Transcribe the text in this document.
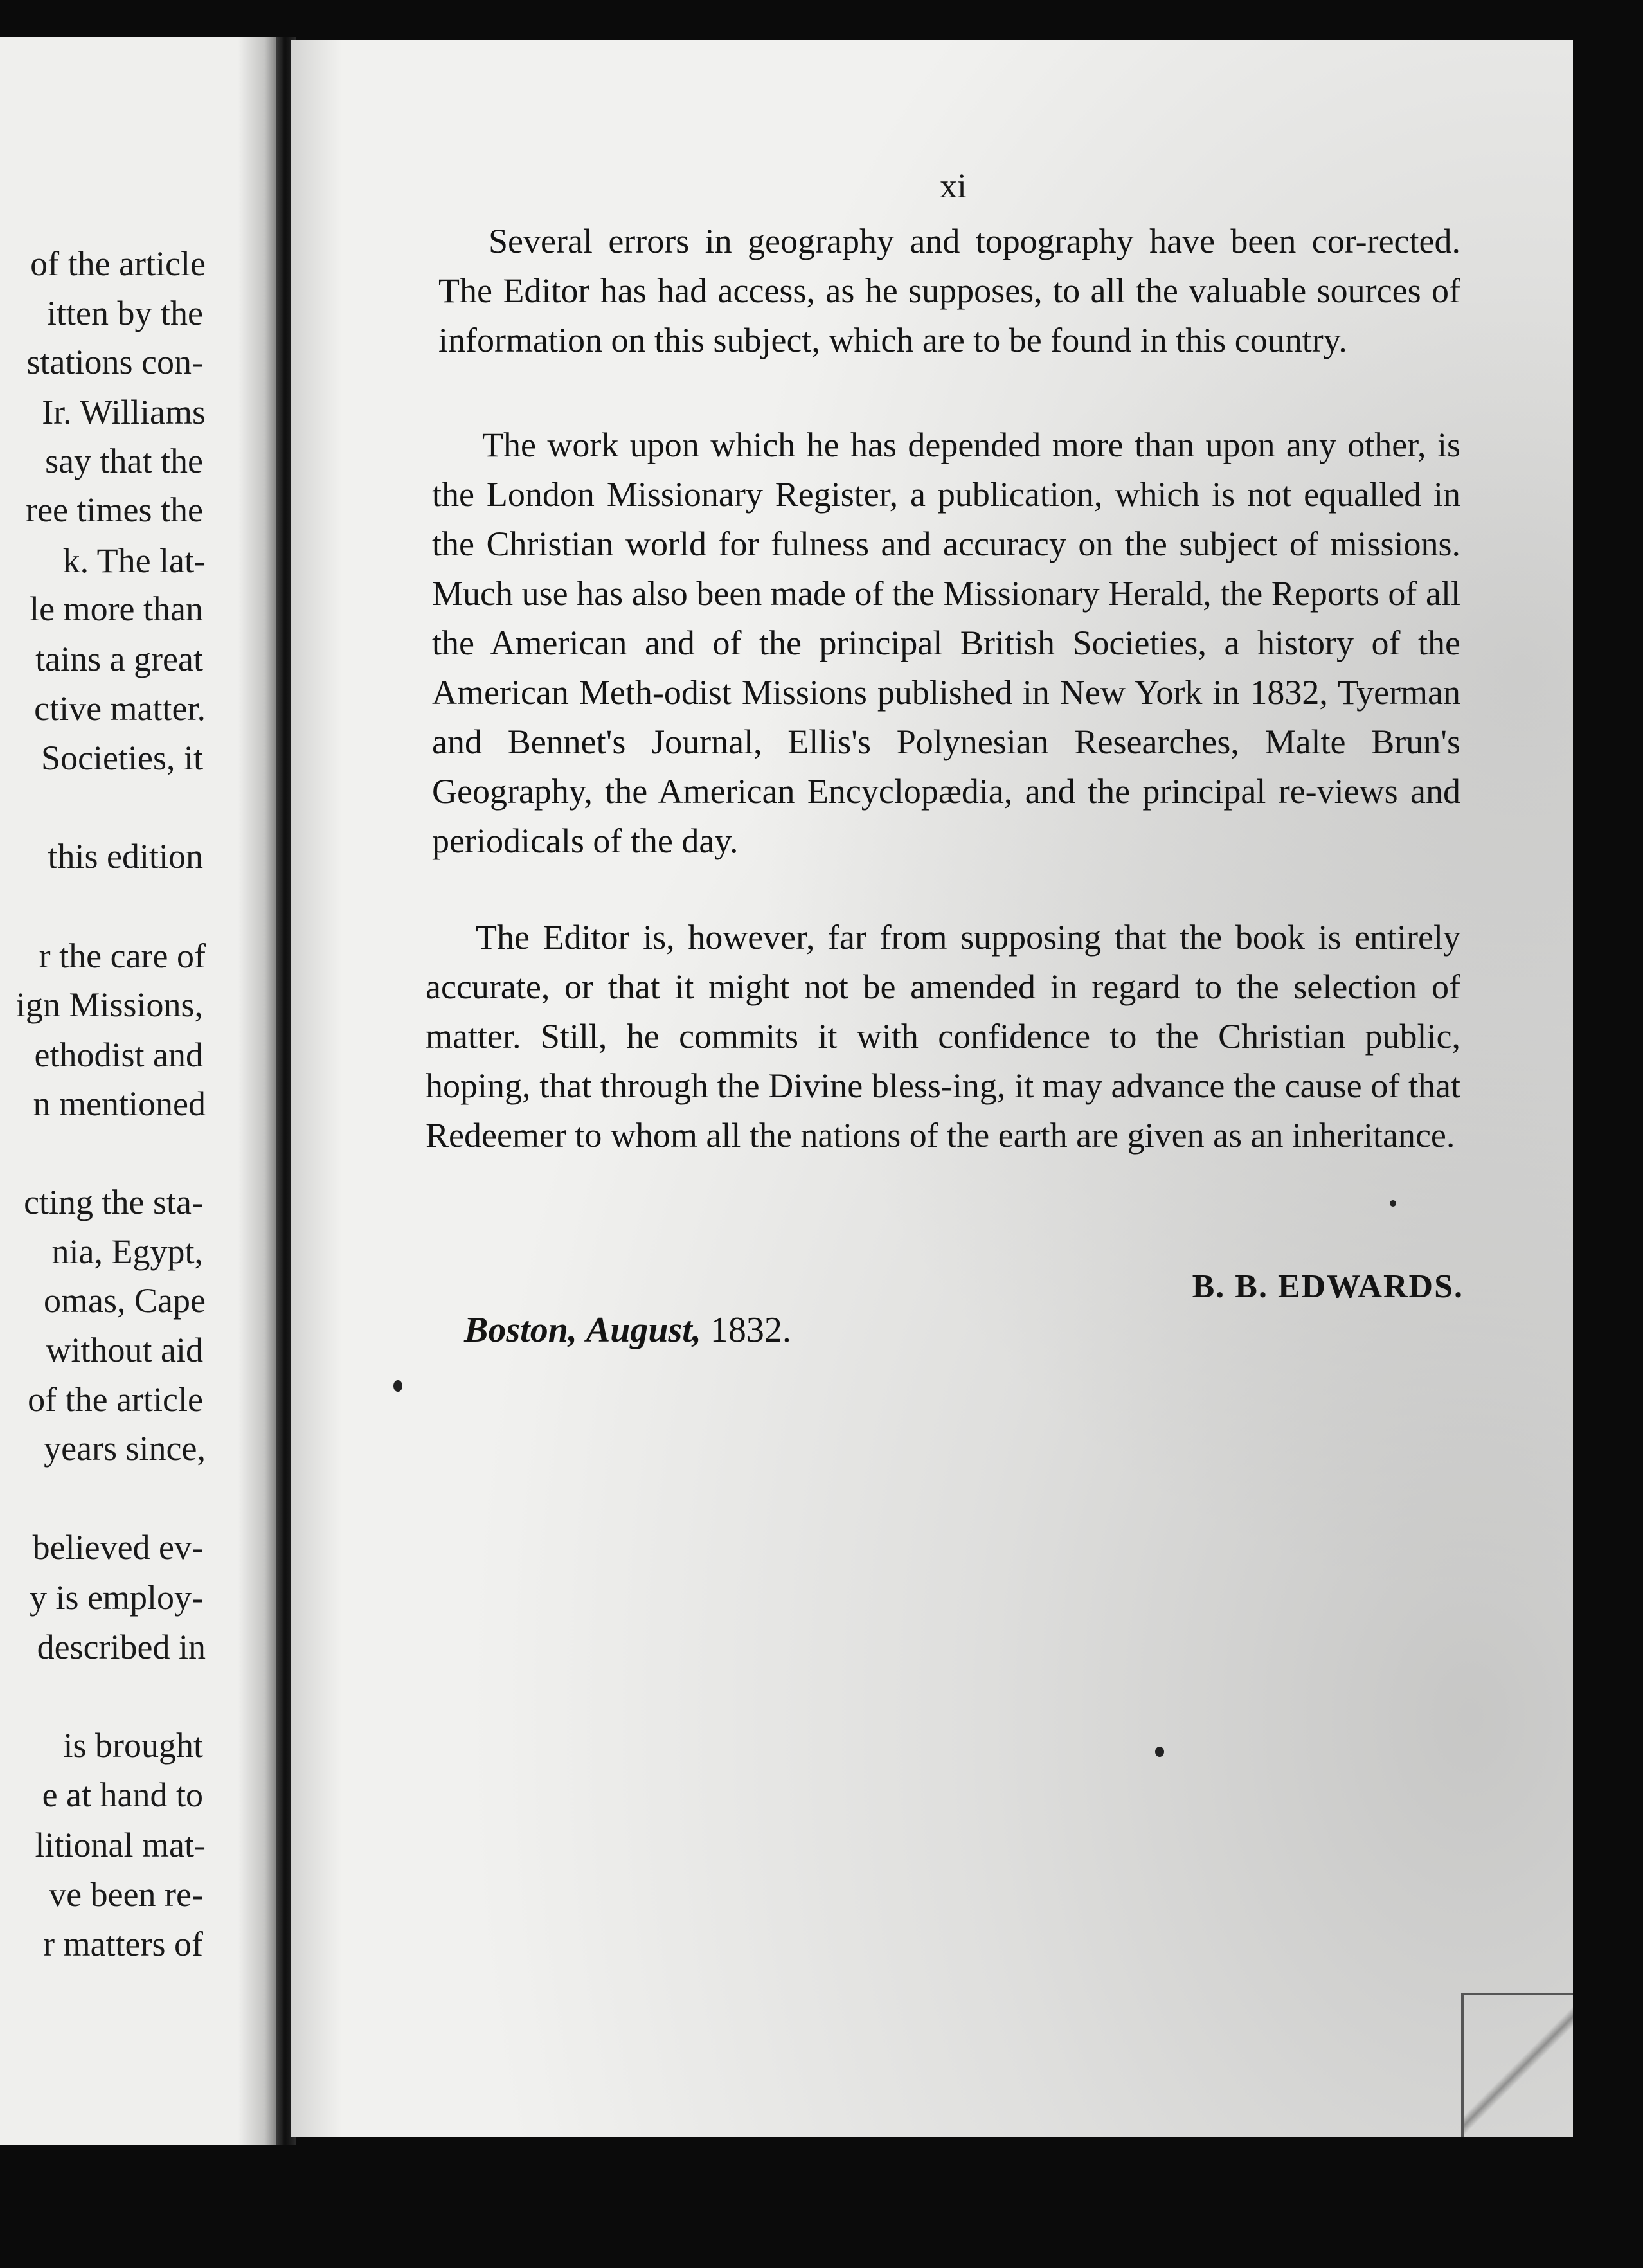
of the article
itten by the
stations con-
Ir. Williams
say that the
ree times the
k. The lat-
le more than
tains a great
ctive matter.
Societies, it
this edition
r the care of
ign Missions,
ethodist and
n mentioned
cting the sta-
nia, Egypt,
omas, Cape
without aid
of the article
years since,
believed ev-
y is employ-
described in
is brought
e at hand to
litional mat-
ve been re-
r matters of
xi
Several errors in geography and topography have been cor-rected. The Editor has had access, as he supposes, to all the valuable sources of information on this subject, which are to be found in this country.
The work upon which he has depended more than upon any other, is the London Missionary Register, a publication, which is not equalled in the Christian world for fulness and accuracy on the subject of missions. Much use has also been made of the Missionary Herald, the Reports of all the American and of the principal British Societies, a history of the American Meth-odist Missions published in New York in 1832, Tyerman and Bennet's Journal, Ellis's Polynesian Researches, Malte Brun's Geography, the American Encyclopædia, and the principal re-views and periodicals of the day.
The Editor is, however, far from supposing that the book is entirely accurate, or that it might not be amended in regard to the selection of matter. Still, he commits it with confidence to the Christian public, hoping, that through the Divine bless-ing, it may advance the cause of that Redeemer to whom all the nations of the earth are given as an inheritance.
B. B. EDWARDS.
Boston, August, 1832.
